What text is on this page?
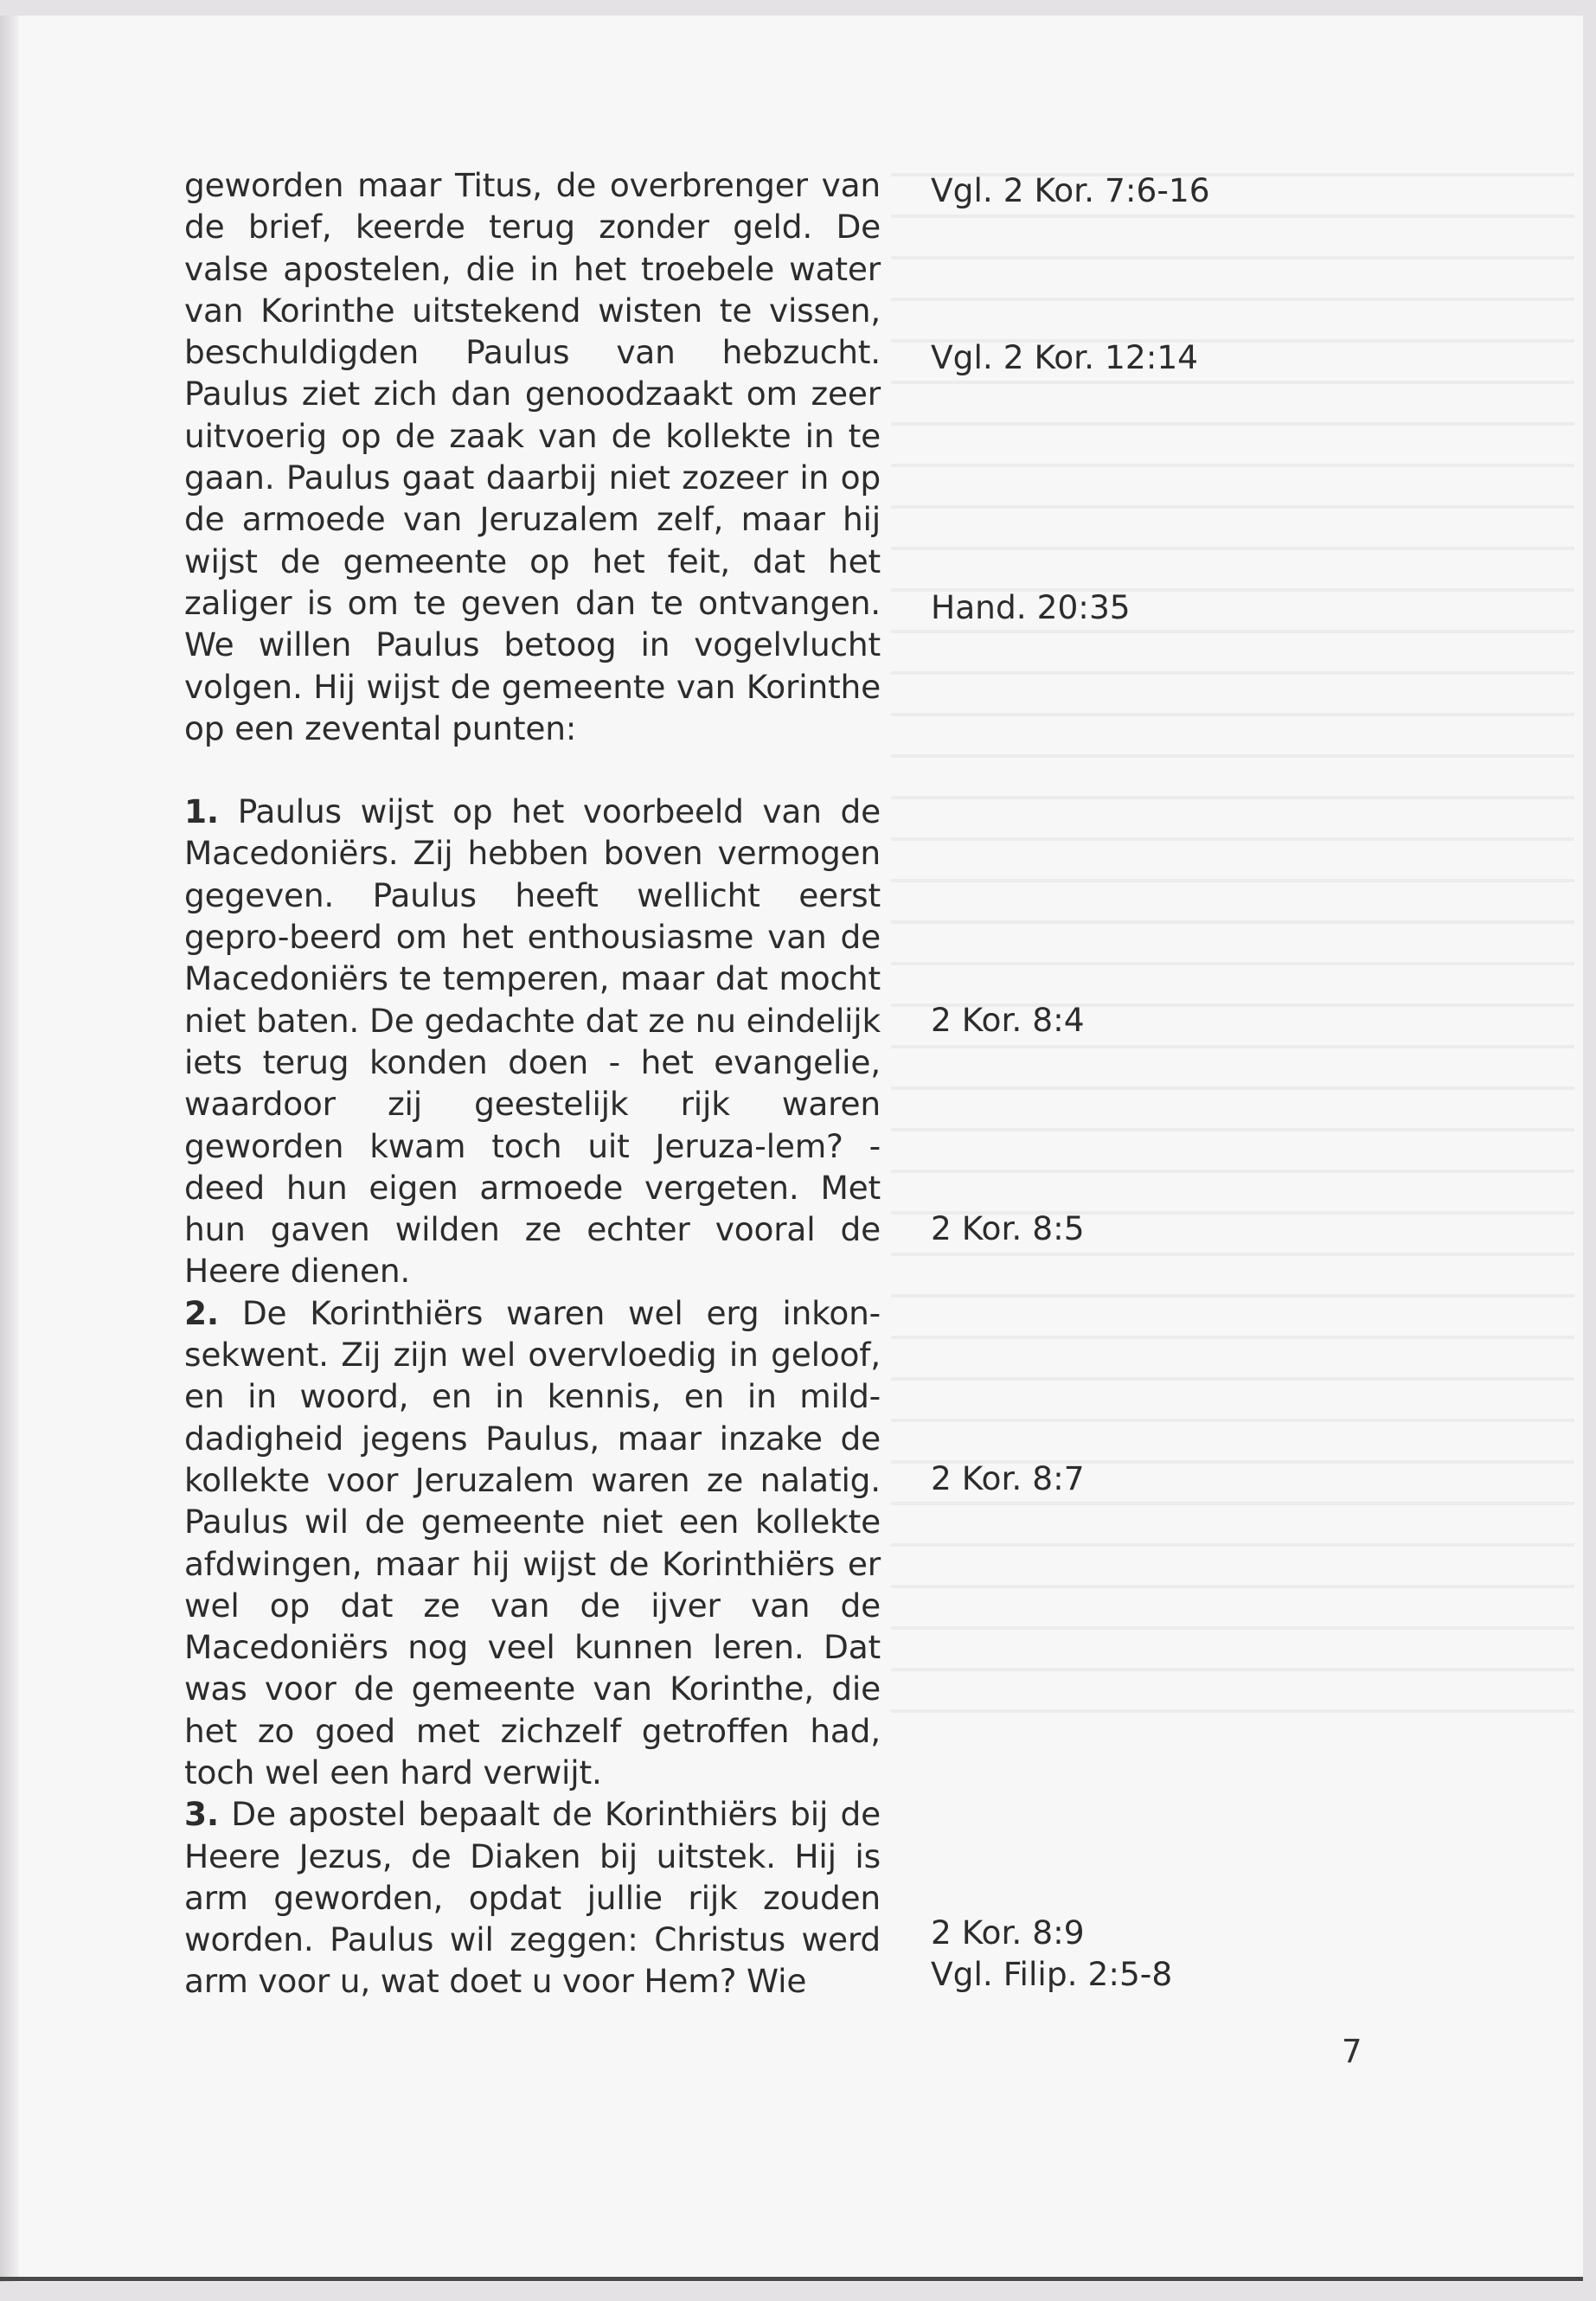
geworden maar Titus, de overbrenger van de brief, keerde terug zonder geld. De valse apostelen, die in het troebele water van Korinthe uitstekend wisten te vissen, beschuldigden Paulus van hebzucht. Paulus ziet zich dan genoodzaakt om zeer uitvoerig op de zaak van de kollekte in te gaan. Paulus gaat daarbij niet zozeer in op de armoede van Jeruzalem zelf, maar hij wijst de gemeente op het feit, dat het zaliger is om te geven dan te ontvangen. We willen Paulus betoog in vogelvlucht volgen. Hij wijst de gemeente van Korinthe op een zevental punten:

1. Paulus wijst op het voorbeeld van de Macedoniërs. Zij hebben boven vermogen gegeven. Paulus heeft wellicht eerst gepro-beerd om het enthousiasme van de Macedoniërs te temperen, maar dat mocht niet baten. De gedachte dat ze nu eindelijk iets terug konden doen - het evangelie, waardoor zij geestelijk rijk waren geworden kwam toch uit Jeruza-lem? - deed hun eigen armoede vergeten. Met hun gaven wilden ze echter vooral de Heere dienen.

2. De Korinthiërs waren wel erg inkon-sekwent. Zij zijn wel overvloedig in geloof, en in woord, en in kennis, en in mild-dadigheid jegens Paulus, maar inzake de kollekte voor Jeruzalem waren ze nalatig. Paulus wil de gemeente niet een kollekte afdwingen, maar hij wijst de Korinthiërs er wel op dat ze van de ijver van de Macedoniërs nog veel kunnen leren. Dat was voor de gemeente van Korinthe, die het zo goed met zichzelf getroffen had, toch wel een hard verwijt.

3. De apostel bepaalt de Korinthiërs bij de Heere Jezus, de Diaken bij uitstek. Hij is arm geworden, opdat jullie rijk zouden worden. Paulus wil zeggen: Christus werd arm voor u, wat doet u voor Hem? Wie

Vgl. 2 Kor. 7:6-16
Vgl. 2 Kor. 12:14
Hand. 20:35
2 Kor. 8:4
2 Kor. 8:5
2 Kor. 8:7
2 Kor. 8:9
Vgl. Filip. 2:5-8
7
